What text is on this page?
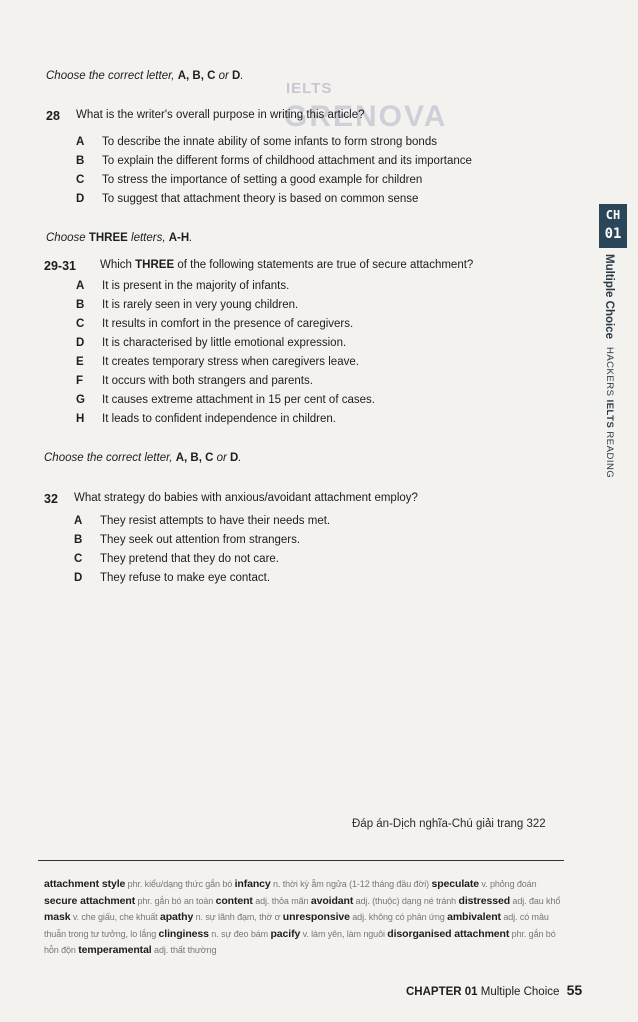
IELTS
GRENOVA
Choose the correct letter, A, B, C or D.
28 What is the writer's overall purpose in writing this article?
A To describe the innate ability of some infants to form strong bonds
B To explain the different forms of childhood attachment and its importance
C To stress the importance of setting a good example for children
D To suggest that attachment theory is based on common sense
Choose THREE letters, A-H.
29-31 Which THREE of the following statements are true of secure attachment?
A It is present in the majority of infants.
B It is rarely seen in very young children.
C It results in comfort in the presence of caregivers.
D It is characterised by little emotional expression.
E It creates temporary stress when caregivers leave.
F It occurs with both strangers and parents.
G It causes extreme attachment in 15 per cent of cases.
H It leads to confident independence in children.
Choose the correct letter, A, B, C or D.
32 What strategy do babies with anxious/avoidant attachment employ?
A They resist attempts to have their needs met.
B They seek out attention from strangers.
C They pretend that they do not care.
D They refuse to make eye contact.
CH
01
Multiple ChoiceHACKERS IELTS READING
Đáp án-Dịch nghĩa-Chú giải trang 322
attachment style phr. kiểu/dạng thức gắn bó infancy n. thời kỳ ẵm ngửa (1-12 tháng đầu đời) speculate v. phỏng đoán secure attachment phr. gắn bó an toàn content adj. thỏa mãn avoidant adj. (thuộc) dạng né tránh distressed adj. đau khổ mask v. che giấu, che khuất apathy n. sự lãnh đạm, thờ ơ unresponsive adj. không có phản ứng ambivalent adj. có mâu thuẫn trong tư tưởng, lo lắng clinginess n. sự đeo bám pacify v. làm yên, làm nguôi disorganised attachment phr. gắn bó hỗn độn temperamental adj. thất thường
CHAPTER 01 Multiple Choice 55
